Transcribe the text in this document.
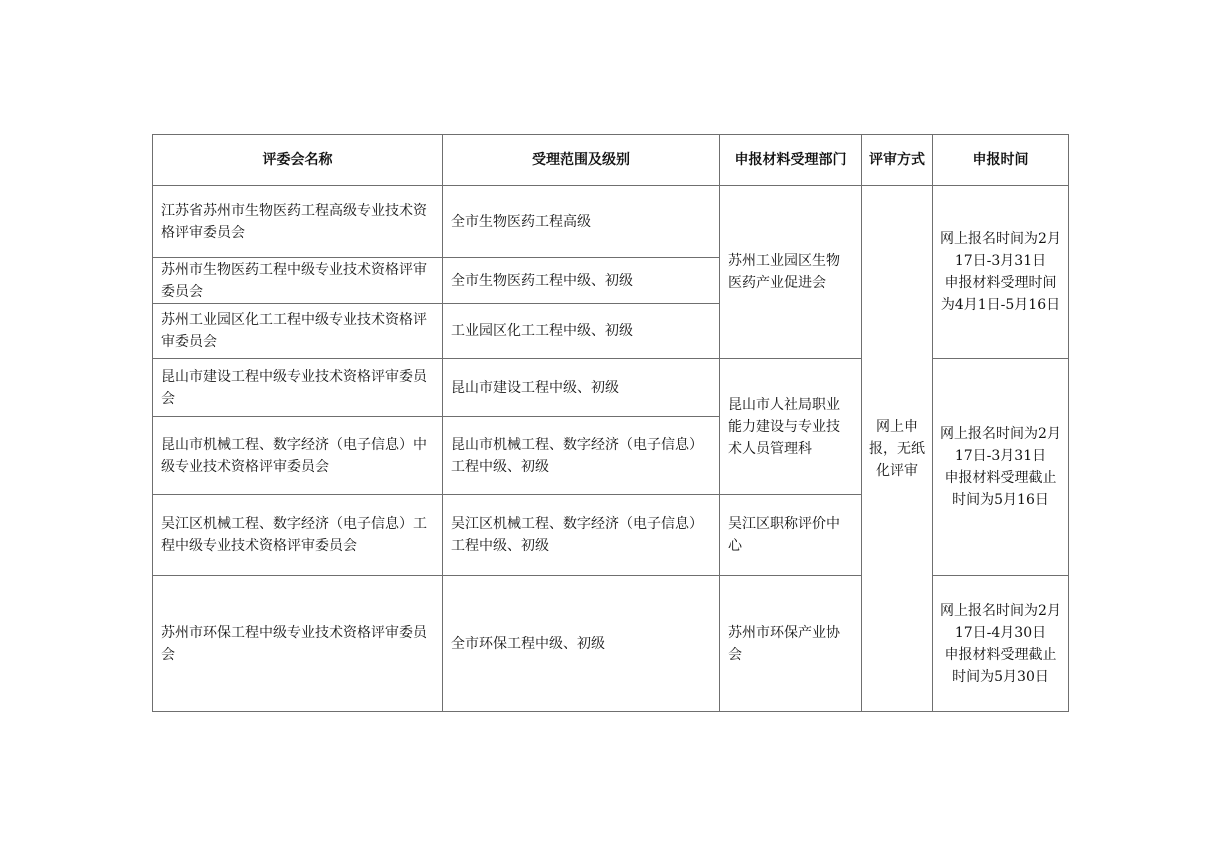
评委会名称	受理范围及级别	申报材料受理部门	评审方式	申报时间
江苏省苏州市生物医药工程高级专业技术资格评审委员会	全市生物医药工程高级	苏州工业园区生物医药产业促进会	网上申报，无纸化评审	网上报名时间为2月17日-3月31日
申报材料受理时间为4月1日-5月16日

苏州市生物医药工程中级专业技术资格评审委员会	全市生物医药工程中级、初级			
苏州工业园区化工工程中级专业技术资格评审委员会	工业园区化工工程中级、初级			
昆山市建设工程中级专业技术资格评审委员会	昆山市建设工程中级、初级	昆山市人社局职业能力建设与专业技术人员管理科		网上报名时间为2月17日-3月31日
申报材料受理截止时间为5月16日

昆山市机械工程、数字经济（电子信息）中级专业技术资格评审委员会	昆山市机械工程、数字经济（电子信息）工程中级、初级			
吴江区机械工程、数字经济（电子信息）工程中级专业技术资格评审委员会	吴江区机械工程、数字经济（电子信息）工程中级、初级	吴江区职称评价中心		
苏州市环保工程中级专业技术资格评审委员会	全市环保工程中级、初级	苏州市环保产业协会		网上报名时间为2月17日-4月30日
申报材料受理截止时间为5月30日
